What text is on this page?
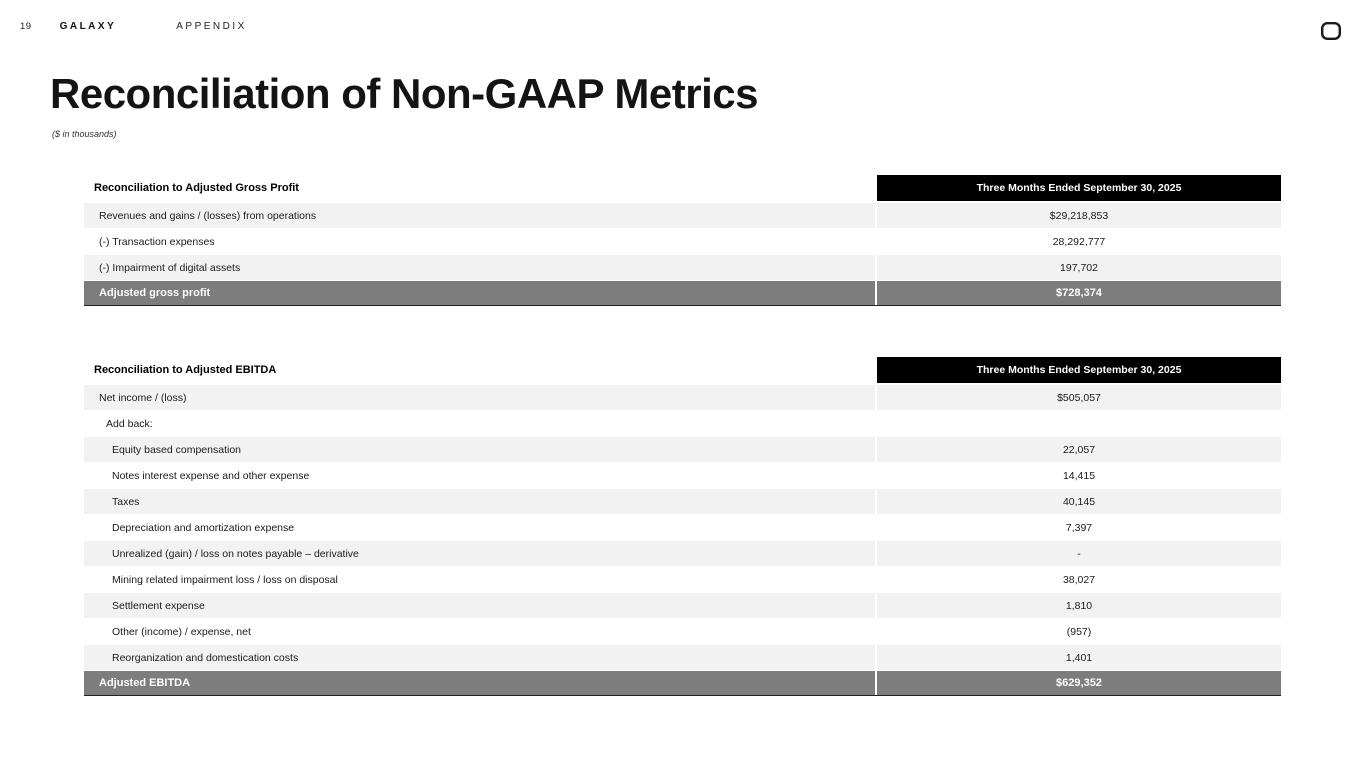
19	GALAXY	APPENDIX
Reconciliation of Non-GAAP Metrics
($ in thousands)
Reconciliation to Adjusted Gross Profit	Three Months Ended September 30, 2025
Revenues and gains / (losses) from operations	$29,218,853
(-) Transaction expenses	28,292,777
(-) Impairment of digital assets	197,702
Adjusted gross profit	$728,374
Reconciliation to Adjusted EBITDA	Three Months Ended September 30, 2025
Net income / (loss)	$505,057
Add back:
Equity based compensation	22,057
Notes interest expense and other expense	14,415
Taxes	40,145
Depreciation and amortization expense	7,397
Unrealized (gain) / loss on notes payable – derivative	-
Mining related impairment loss / loss on disposal	38,027
Settlement expense	1,810
Other (income) / expense, net	(957)
Reorganization and domestication costs	1,401
Adjusted EBITDA	$629,352
